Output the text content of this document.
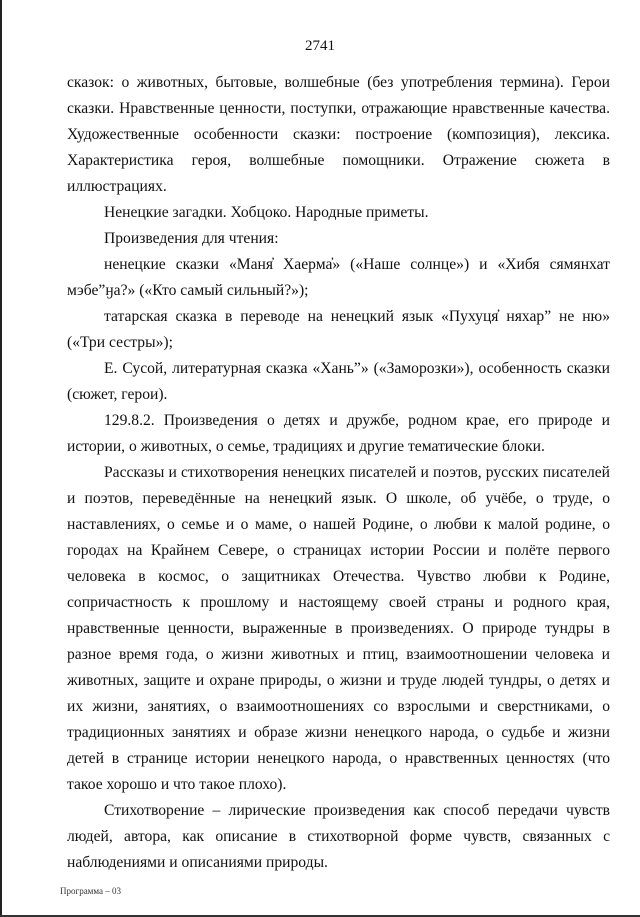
2741

сказок: о животных, бытовые, волшебные (без употребления термина). Герои сказки. Нравственные ценности, поступки, отражающие нравственные качества. Художественные особенности сказки: построение (композиция), лексика. Характеристика героя, волшебные помощники. Отражение сюжета в иллюстрациях.

Ненецкие загадки. Хобцоко. Народные приметы.

Произведения для чтения:

ненецкие сказки «Маня̓ Хаерма̓» («Наше солнце») и «Хибя сямянхат мэбе”ӈа?» («Кто самый сильный?»);

татарская сказка в переводе на ненецкий язык «Пухуця̓ няхар” не ню» («Три сестры»);

Е. Сусой, литературная сказка «Ханьˮ» («Заморозки»), особенность сказки (сюжет, герои).

129.8.2. Произведения о детях и дружбе, родном крае, его природе и истории, о животных, о семье, традициях и другие тематические блоки.

Рассказы и стихотворения ненецких писателей и поэтов, русских писателей и поэтов, переведённые на ненецкий язык. О школе, об учёбе, о труде, о наставлениях, о семье и о маме, о нашей Родине, о любви к малой родине, о городах на Крайнем Севере, о страницах истории России и полёте первого человека в космос, о защитниках Отечества. Чувство любви к Родине, сопричастность к прошлому и настоящему своей страны и родного края, нравственные ценности, выраженные в произведениях. О природе тундры в разное время года, о жизни животных и птиц, взаимоотношении человека и животных, защите и охране природы, о жизни и труде людей тундры, о детях и их жизни, занятиях, о взаимоотношениях со взрослыми и сверстниками, о традиционных занятиях и образе жизни ненецкого народа, о судьбе и жизни детей в странице истории ненецкого народа, о нравственных ценностях (что такое хорошо и что такое плохо).

Стихотворение – лирические произведения как способ передачи чувств людей, автора, как описание в стихотворной форме чувств, связанных с наблюдениями и описаниями природы.

Программа – 03
